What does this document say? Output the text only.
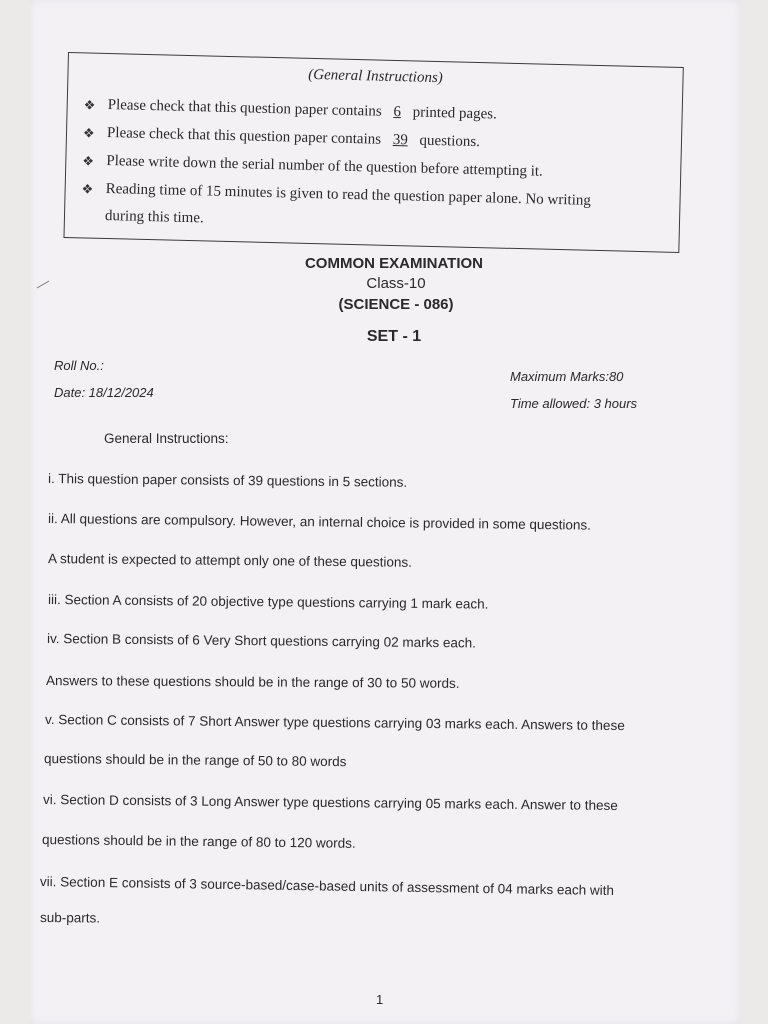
(General Instructions)
❖ Please check that this question paper contains 6 printed pages.
❖ Please check that this question paper contains 39 questions.
❖ Please write down the serial number of the question before attempting it.
❖ Reading time of 15 minutes is given to read the question paper alone. No writing
during this time.
COMMON EXAMINATION
Class-10
(SCIENCE - 086)
SET - 1
Roll No.:
Date: 18/12/2024
Maximum Marks:80
Time allowed: 3 hours
General Instructions:
i. This question paper consists of 39 questions in 5 sections.
ii. All questions are compulsory. However, an internal choice is provided in some questions.
A student is expected to attempt only one of these questions.
iii. Section A consists of 20 objective type questions carrying 1 mark each.
iv. Section B consists of 6 Very Short questions carrying 02 marks each.
Answers to these questions should be in the range of 30 to 50 words.
v. Section C consists of 7 Short Answer type questions carrying 03 marks each. Answers to these
questions should be in the range of 50 to 80 words
vi. Section D consists of 3 Long Answer type questions carrying 05 marks each. Answer to these
questions should be in the range of 80 to 120 words.
vii. Section E consists of 3 source-based/case-based units of assessment of 04 marks each with
sub-parts.
1
